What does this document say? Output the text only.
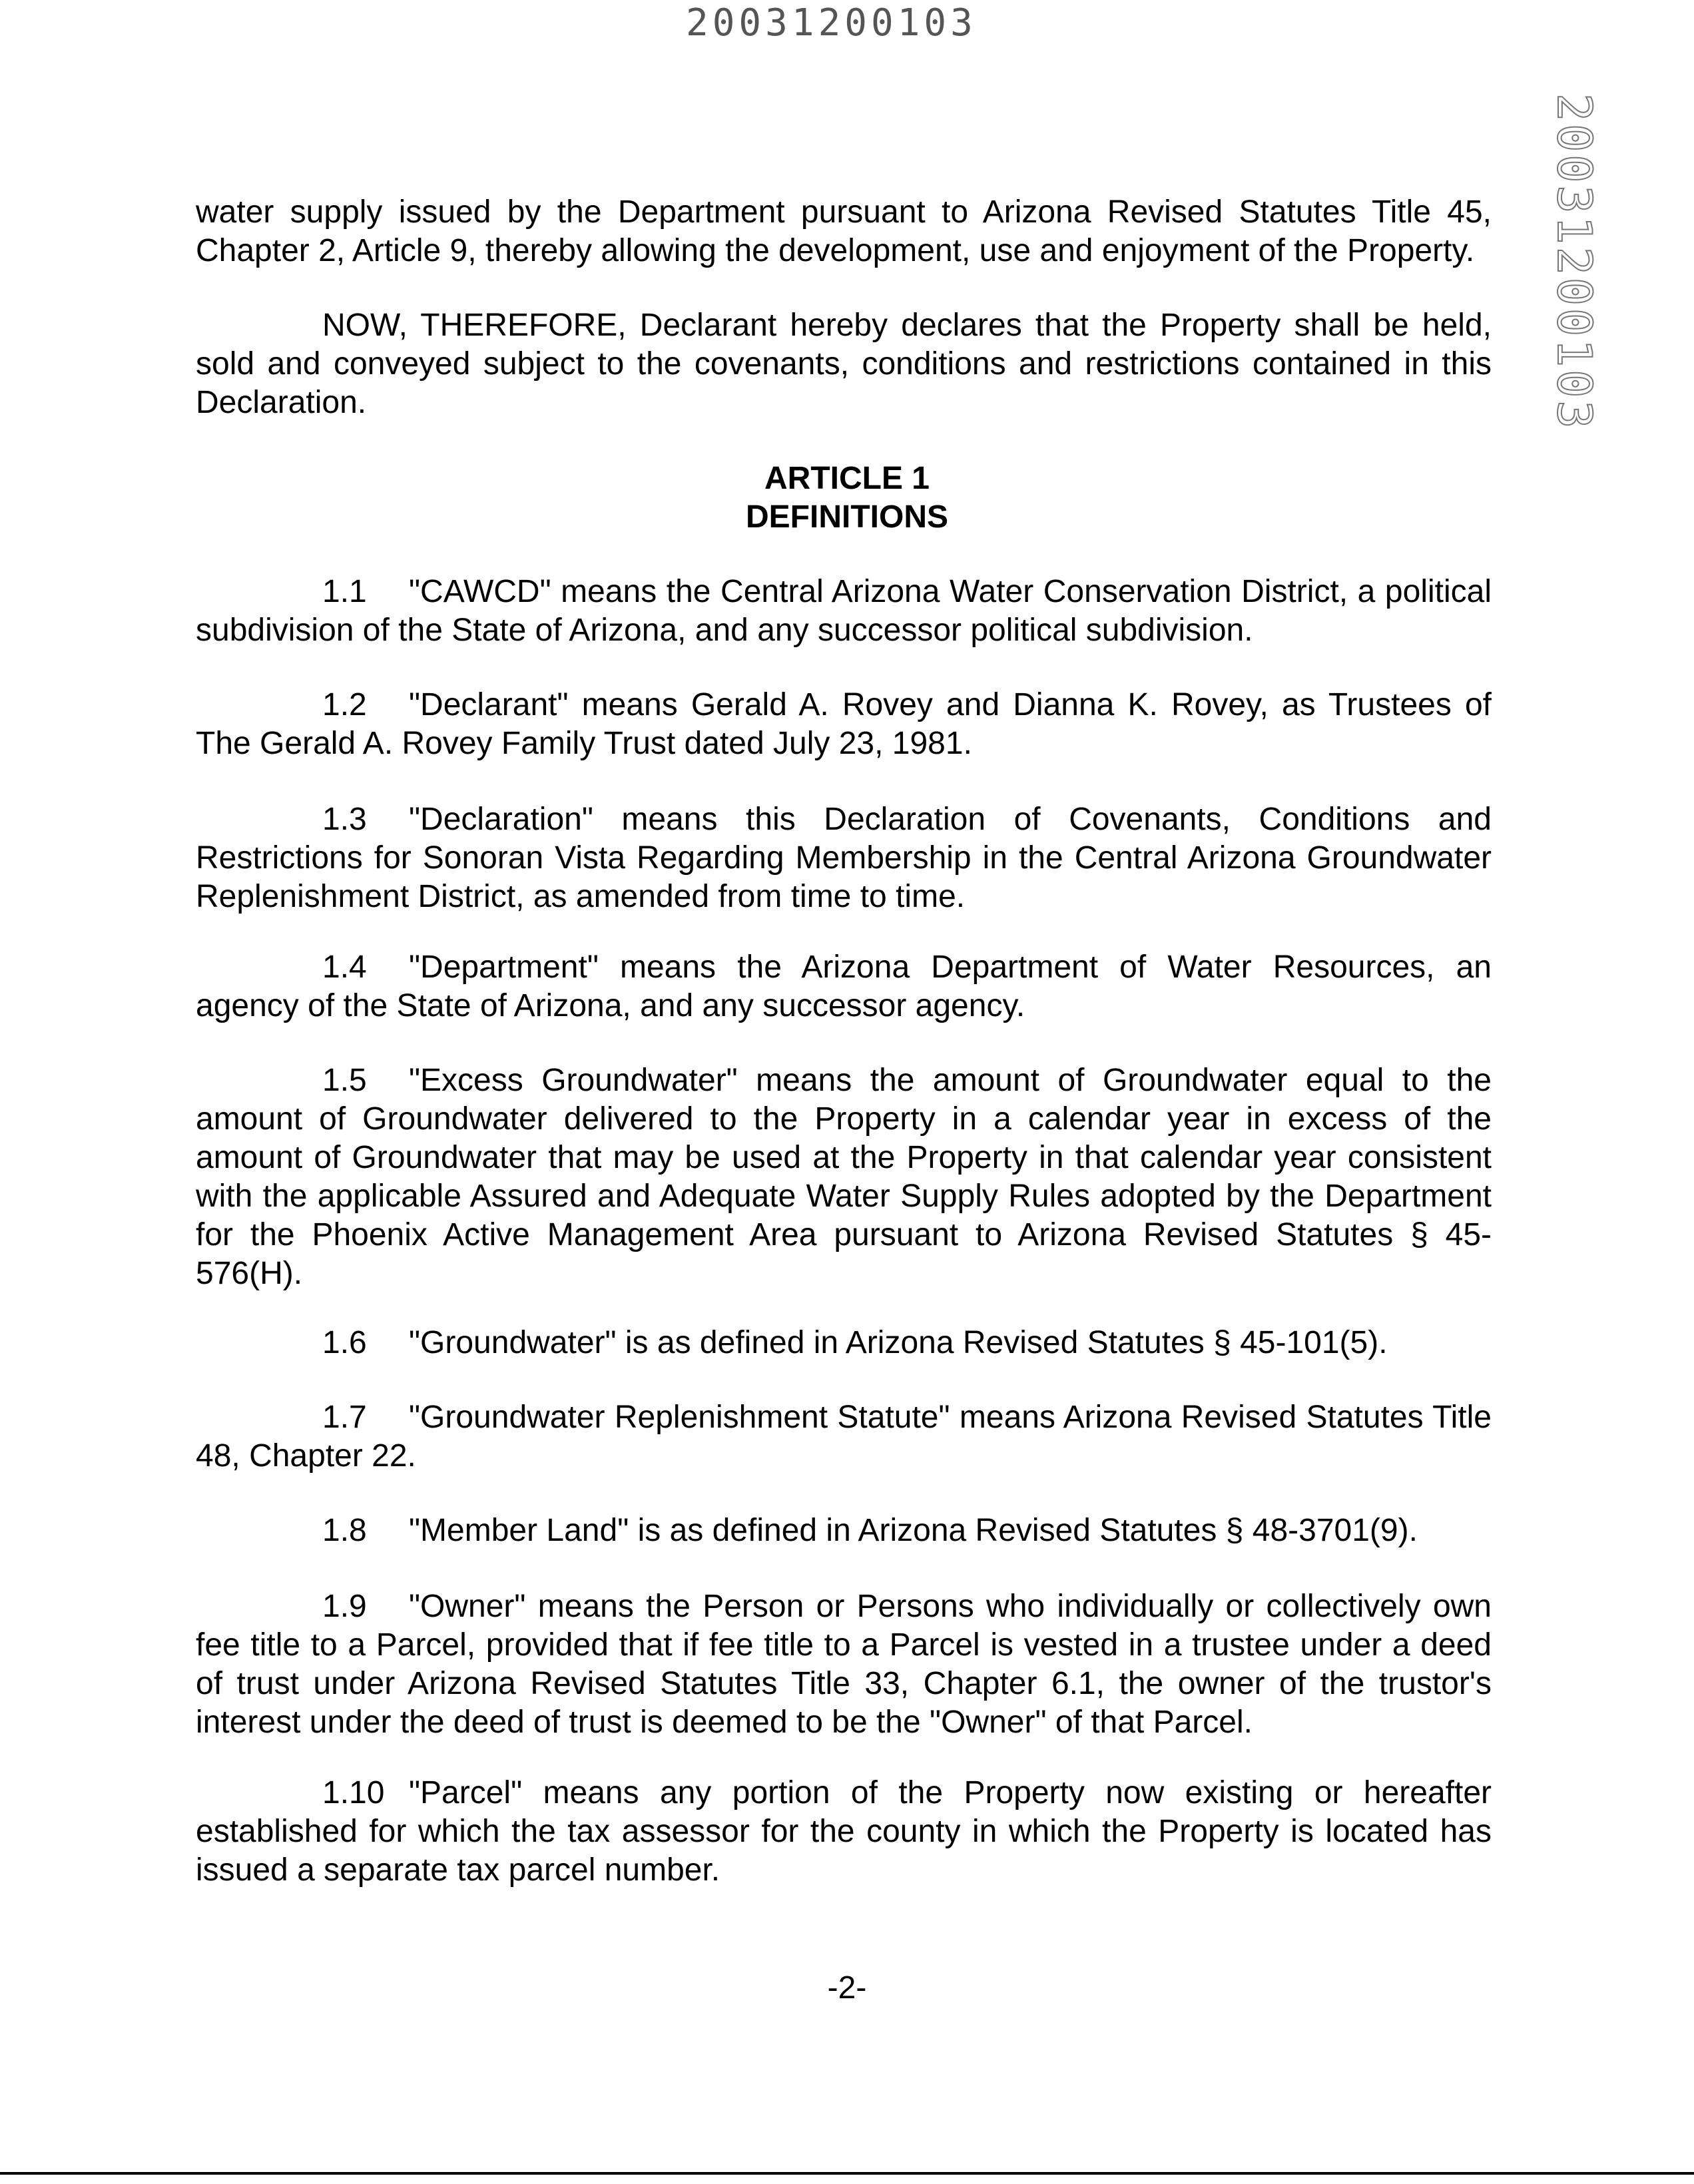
20031200103
20031200103

water supply issued by the Department pursuant to Arizona Revised Statutes Title 45, Chapter 2, Article 9, thereby allowing the development, use and enjoyment of the Property.

NOW, THEREFORE, Declarant hereby declares that the Property shall be held, sold and conveyed subject to the covenants, conditions and restrictions contained in this Declaration.

ARTICLE 1
DEFINITIONS

1.1 "CAWCD" means the Central Arizona Water Conservation District, a political subdivision of the State of Arizona, and any successor political subdivision.

1.2 "Declarant" means Gerald A. Rovey and Dianna K. Rovey, as Trustees of The Gerald A. Rovey Family Trust dated July 23, 1981.

1.3 "Declaration" means this Declaration of Covenants, Conditions and Restrictions for Sonoran Vista Regarding Membership in the Central Arizona Groundwater Replenishment District, as amended from time to time.

1.4 "Department" means the Arizona Department of Water Resources, an agency of the State of Arizona, and any successor agency.

1.5 "Excess Groundwater" means the amount of Groundwater equal to the amount of Groundwater delivered to the Property in a calendar year in excess of the amount of Groundwater that may be used at the Property in that calendar year consistent with the applicable Assured and Adequate Water Supply Rules adopted by the Department for the Phoenix Active Management Area pursuant to Arizona Revised Statutes § 45-576(H).

1.6 "Groundwater" is as defined in Arizona Revised Statutes § 45-101(5).

1.7 "Groundwater Replenishment Statute" means Arizona Revised Statutes Title 48, Chapter 22.

1.8 "Member Land" is as defined in Arizona Revised Statutes § 48-3701(9).

1.9 "Owner" means the Person or Persons who individually or collectively own fee title to a Parcel, provided that if fee title to a Parcel is vested in a trustee under a deed of trust under Arizona Revised Statutes Title 33, Chapter 6.1, the owner of the trustor's interest under the deed of trust is deemed to be the "Owner" of that Parcel.

1.10 "Parcel" means any portion of the Property now existing or hereafter established for which the tax assessor for the county in which the Property is located has issued a separate tax parcel number.

-2-
